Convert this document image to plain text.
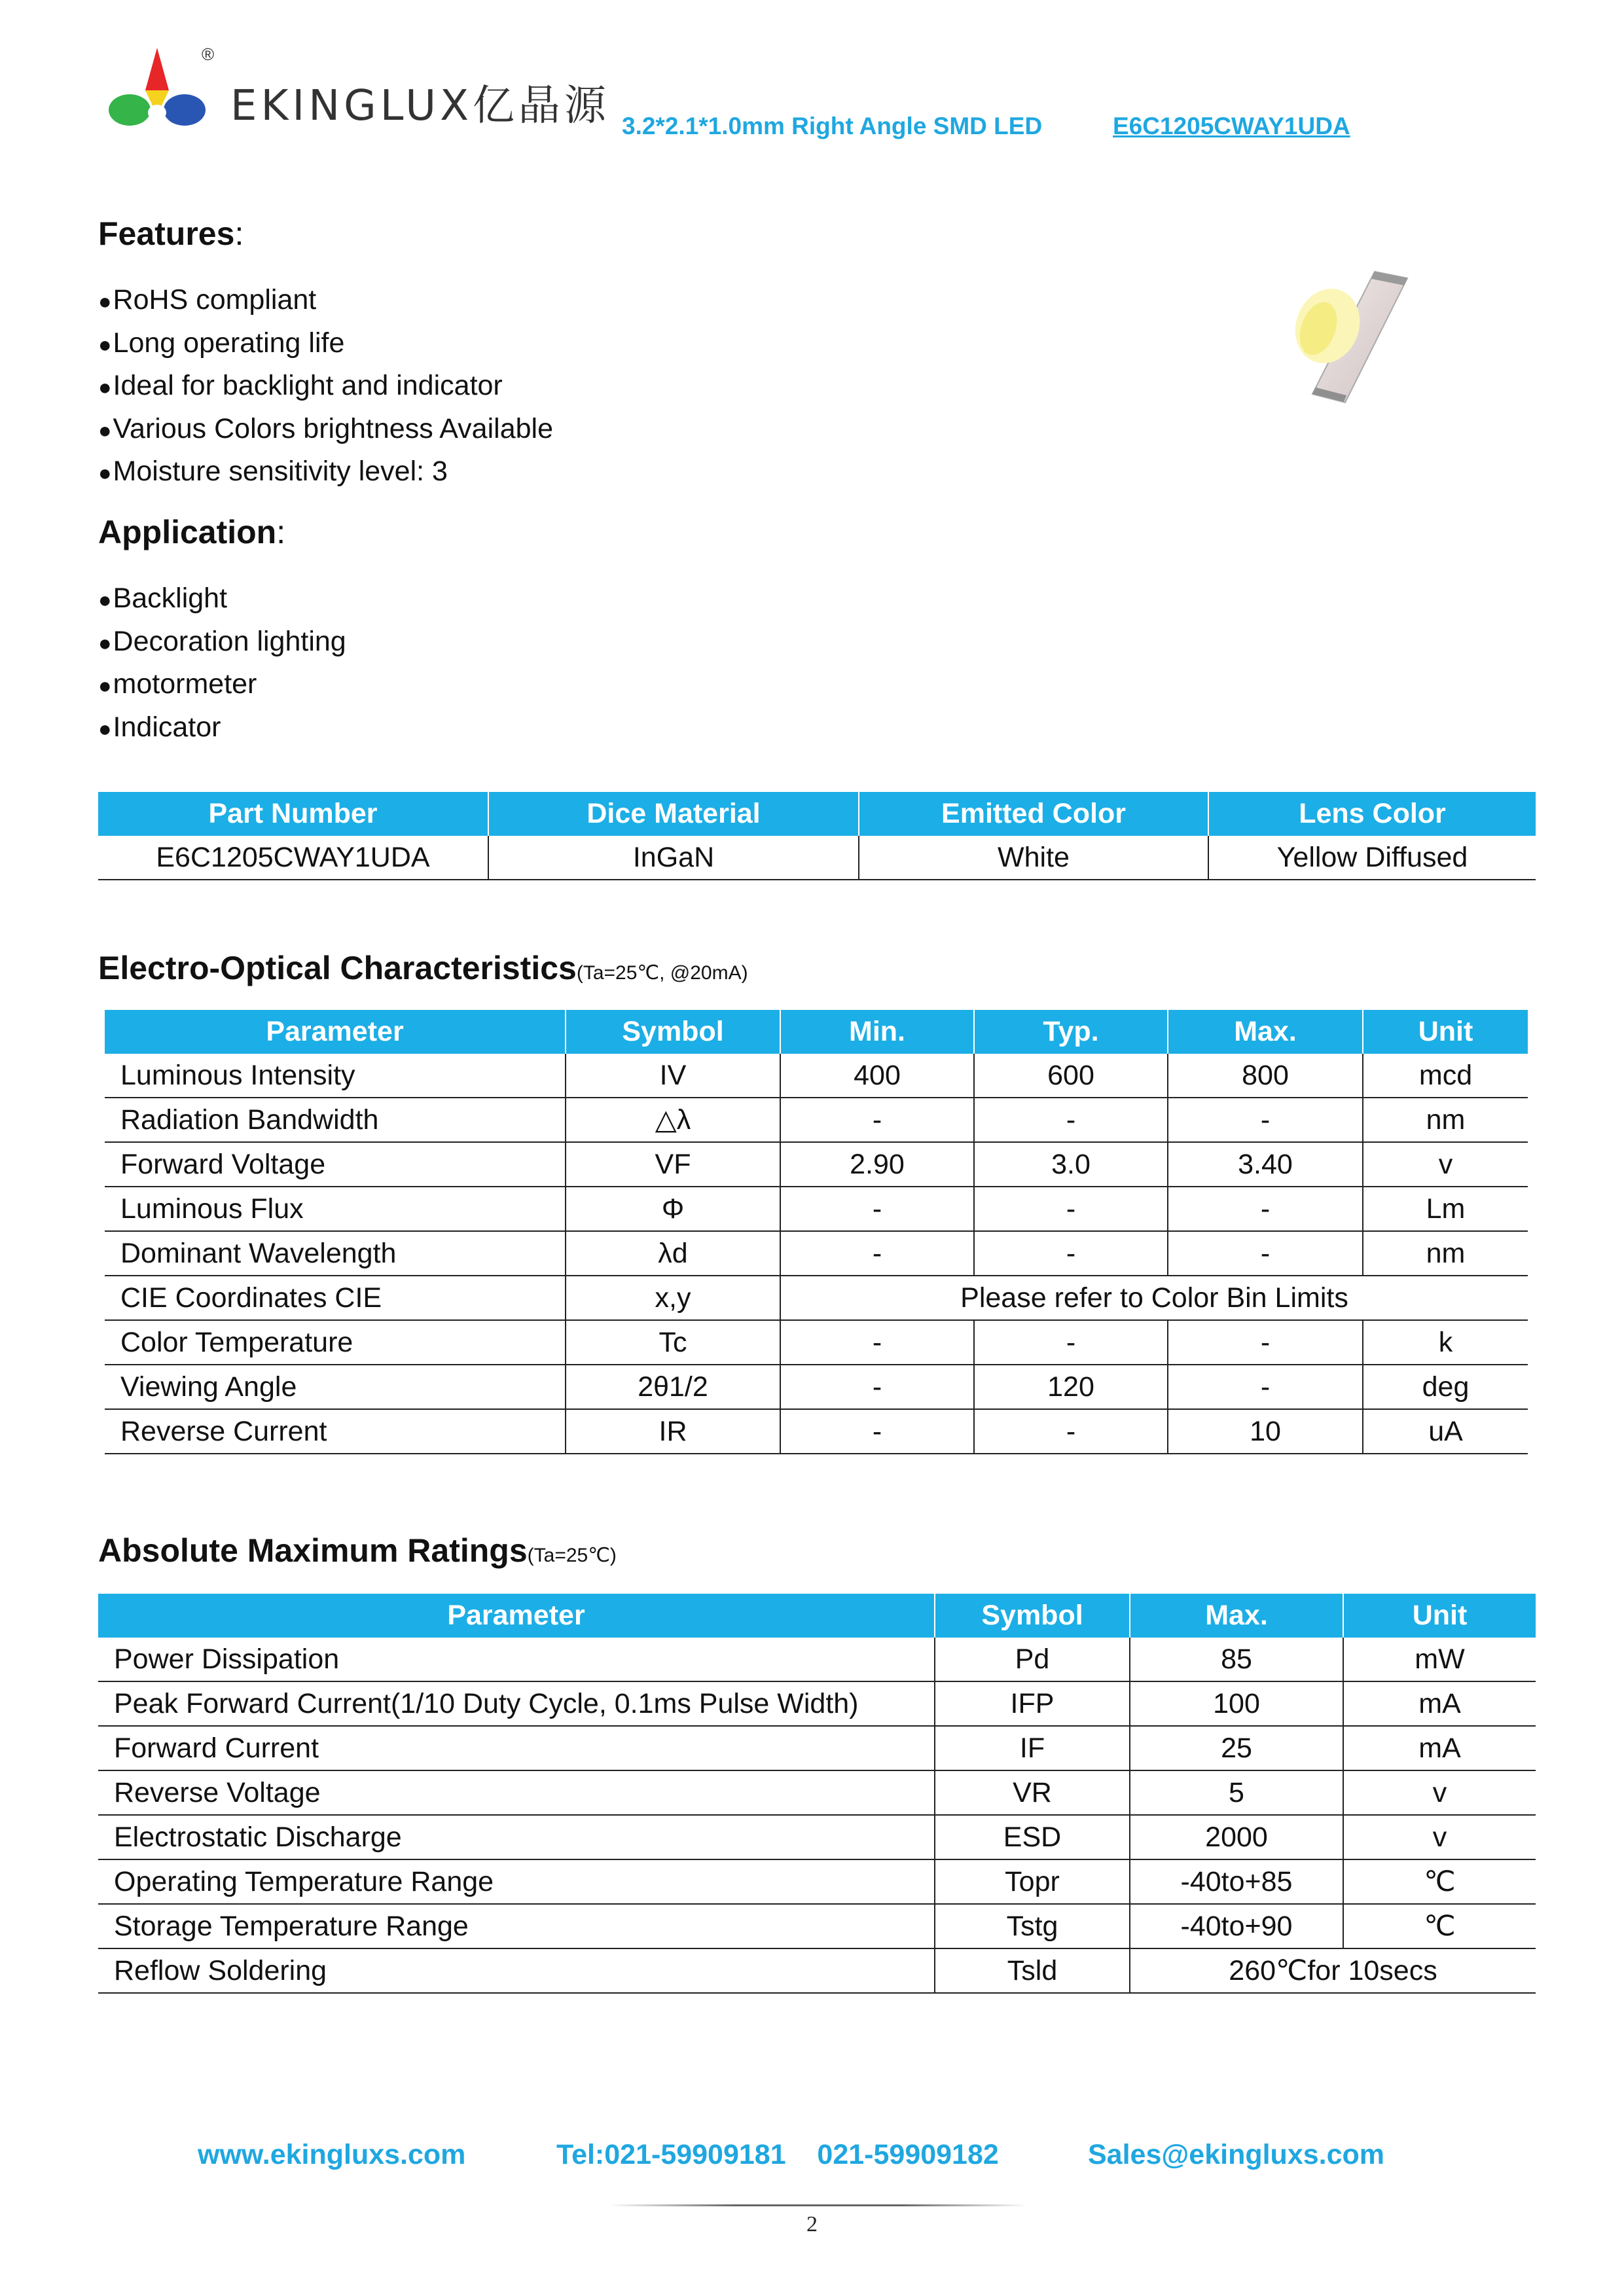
®
EKINGLUX亿晶源 3.2*2.1*1.0mm Right Angle SMD LED	E6C1205CWAY1UDA
Features:
● RoHS compliant
● Long operating life
● Ideal for backlight and indicator
● Various Colors brightness Available
● Moisture sensitivity level: 3
Application:
● Backlight
● Decoration lighting
● motormeter
● Indicator
Part Number	Dice Material	Emitted Color	Lens Color
E6C1205CWAY1UDA	InGaN	White	Yellow Diffused
Electro-Optical Characteristics(Ta=25℃, @20mA)
Parameter	Symbol	Min.	Typ.	Max.	Unit
Luminous Intensity	IV	400	600	800	mcd
Radiation Bandwidth	△λ	-	-	-	nm
Forward Voltage	VF	2.90	3.0	3.40	v
Luminous Flux	Φ	-	-	-	Lm
Dominant Wavelength	λd	-	-	-	nm
CIE Coordinates CIE	x,y	Please refer to Color Bin Limits			
Color Temperature	Tc	-	-	-	k
Viewing Angle	2θ1/2	-	120	-	deg
Reverse Current	IR	-	-	10	uA
Absolute Maximum Ratings(Ta=25℃)
Parameter	Symbol	Max.	Unit
Power Dissipation	Pd	85	mW
Peak Forward Current(1/10 Duty Cycle, 0.1ms Pulse Width)	IFP	100	mA
Forward Current	IF	25	mA
Reverse Voltage	VR	5	v
Electrostatic Discharge	ESD	2000	v
Operating Temperature Range	Topr	-40to+85	℃
Storage Temperature Range	Tstg	-40to+90	℃
Reflow Soldering	Tsld	260℃for 10secs	
www.ekingluxs.com	Tel:021-59909181    021-59909182	Sales@ekingluxs.com
2
